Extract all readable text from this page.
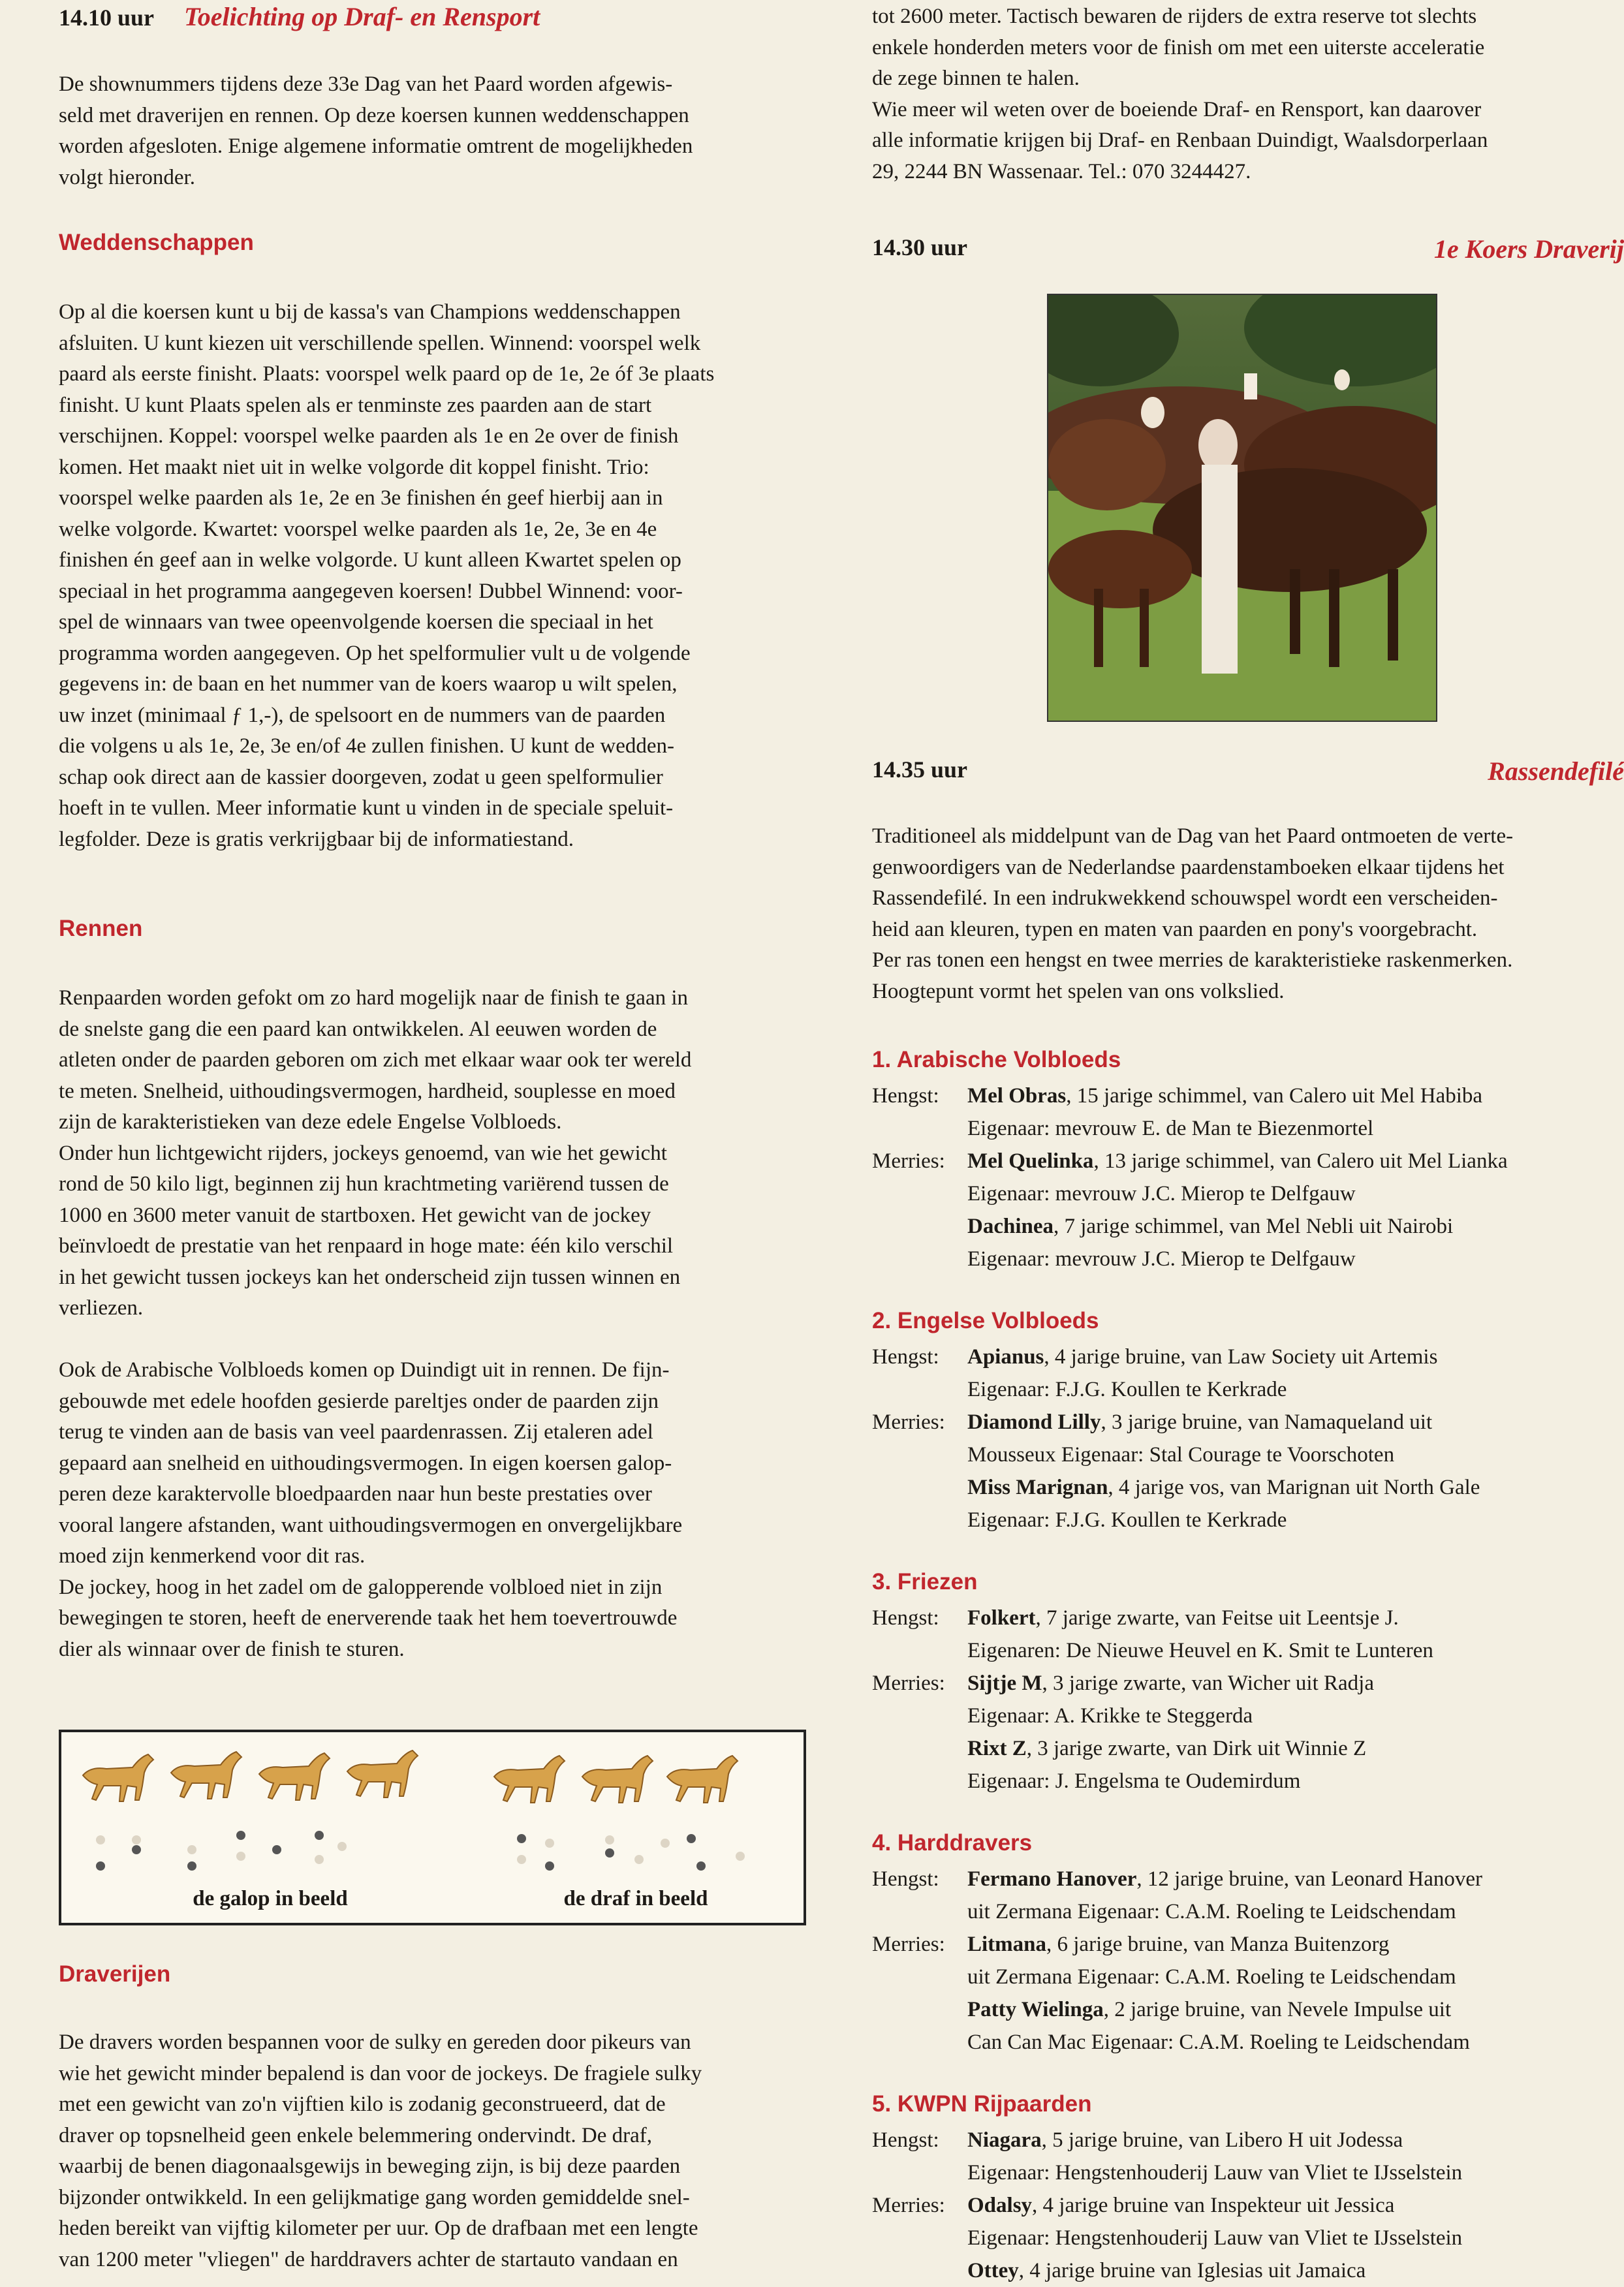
14.10 uur Toelichting op Draf- en Rensport

De shownummers tijdens deze 33e Dag van het Paard worden afgewis-

seld met draverijen en rennen. Op deze koersen kunnen weddenschappen

worden afgesloten. Enige algemene informatie omtrent de mogelijkheden

volgt hieronder.

Weddenschappen

Op al die koersen kunt u bij de kassa's van Champions weddenschappen

afsluiten. U kunt kiezen uit verschillende spellen. Winnend: voorspel welk

paard als eerste finisht. Plaats: voorspel welk paard op de 1e, 2e óf 3e plaats

finisht. U kunt Plaats spelen als er tenminste zes paarden aan de start

verschijnen. Koppel: voorspel welke paarden als 1e en 2e over de finish

komen. Het maakt niet uit in welke volgorde dit koppel finisht. Trio:

voorspel welke paarden als 1e, 2e en 3e finishen én geef hierbij aan in

welke volgorde. Kwartet: voorspel welke paarden als 1e, 2e, 3e en 4e

finishen én geef aan in welke volgorde. U kunt alleen Kwartet spelen op

speciaal in het programma aangegeven koersen! Dubbel Winnend: voor-

spel de winnaars van twee opeenvolgende koersen die speciaal in het

programma worden aangegeven. Op het spelformulier vult u de volgende

gegevens in: de baan en het nummer van de koers waarop u wilt spelen,

uw inzet (minimaal ƒ 1,-), de spelsoort en de nummers van de paarden

die volgens u als 1e, 2e, 3e en/of 4e zullen finishen. U kunt de wedden-

schap ook direct aan de kassier doorgeven, zodat u geen spelformulier

hoeft in te vullen. Meer informatie kunt u vinden in de speciale speluit-

legfolder. Deze is gratis verkrijgbaar bij de informatiestand.

Rennen

Renpaarden worden gefokt om zo hard mogelijk naar de finish te gaan in

de snelste gang die een paard kan ontwikkelen. Al eeuwen worden de

atleten onder de paarden geboren om zich met elkaar waar ook ter wereld

te meten. Snelheid, uithoudingsvermogen, hardheid, souplesse en moed

zijn de karakteristieken van deze edele Engelse Volbloeds.

Onder hun lichtgewicht rijders, jockeys genoemd, van wie het gewicht

rond de 50 kilo ligt, beginnen zij hun krachtmeting variërend tussen de

1000 en 3600 meter vanuit de startboxen. Het gewicht van de jockey

beïnvloedt de prestatie van het renpaard in hoge mate: één kilo verschil

in het gewicht tussen jockeys kan het onderscheid zijn tussen winnen en

verliezen.

Ook de Arabische Volbloeds komen op Duindigt uit in rennen. De fijn-

gebouwde met edele hoofden gesierde pareltjes onder de paarden zijn

terug te vinden aan de basis van veel paardenrassen. Zij etaleren adel

gepaard aan snelheid en uithoudingsvermogen. In eigen koersen galop-

peren deze karaktervolle bloedpaarden naar hun beste prestaties over

vooral langere afstanden, want uithoudingsvermogen en onvergelijkbare

moed zijn kenmerkend voor dit ras.

De jockey, hoog in het zadel om de galopperende volbloed niet in zijn

bewegingen te storen, heeft de enerverende taak het hem toevertrouwde

dier als winnaar over de finish te sturen.

de galop in beeld	de draf in beeld
Draverijen

De dravers worden bespannen voor de sulky en gereden door pikeurs van

wie het gewicht minder bepalend is dan voor de jockeys. De fragiele sulky

met een gewicht van zo'n vijftien kilo is zodanig geconstrueerd, dat de

draver op topsnelheid geen enkele belemmering ondervindt. De draf,

waarbij de benen diagonaalsgewijs in beweging zijn, is bij deze paarden

bijzonder ontwikkeld. In een gelijkmatige gang worden gemiddelde snel-

heden bereikt van vijftig kilometer per uur. Op de drafbaan met een lengte

van 1200 meter "vliegen" de harddravers achter de startauto vandaan en

tot 2600 meter. Tactisch bewaren de rijders de extra reserve tot slechts

enkele honderden meters voor de finish om met een uiterste acceleratie

de zege binnen te halen.

Wie meer wil weten over de boeiende Draf- en Rensport, kan daarover

alle informatie krijgen bij Draf- en Renbaan Duindigt, Waalsdorperlaan

29, 2244 BN Wassenaar. Tel.: 070 3244427.

14.30 uur	1e Koers Draverij
14.35 uur	Rassendefilé

Traditioneel als middelpunt van de Dag van het Paard ontmoeten de verte-

genwoordigers van de Nederlandse paardenstamboeken elkaar tijdens het

Rassendefilé. In een indrukwekkend schouwspel wordt een verscheiden-

heid aan kleuren, typen en maten van paarden en pony's voorgebracht.

Per ras tonen een hengst en twee merries de karakteristieke raskenmerken.

Hoogtepunt vormt het spelen van ons volkslied.

1. Arabische Volbloeds
Hengst: Mel Obras, 15 jarige schimmel, van Calero uit Mel Habiba
Eigenaar: mevrouw E. de Man te Biezenmortel
Merries: Mel Quelinka, 13 jarige schimmel, van Calero uit Mel Lianka
Eigenaar: mevrouw J.C. Mierop te Delfgauw
Dachinea, 7 jarige schimmel, van Mel Nebli uit Nairobi
Eigenaar: mevrouw J.C. Mierop te Delfgauw
2. Engelse Volbloeds
Hengst: Apianus, 4 jarige bruine, van Law Society uit Artemis
Eigenaar: F.J.G. Koullen te Kerkrade
Merries: Diamond Lilly, 3 jarige bruine, van Namaqueland uit
Mousseux Eigenaar: Stal Courage te Voorschoten
Miss Marignan, 4 jarige vos, van Marignan uit North Gale
Eigenaar: F.J.G. Koullen te Kerkrade
3. Friezen
Hengst: Folkert, 7 jarige zwarte, van Feitse uit Leentsje J.
Eigenaren: De Nieuwe Heuvel en K. Smit te Lunteren
Merries: Sijtje M, 3 jarige zwarte, van Wicher uit Radja
Eigenaar: A. Krikke te Steggerda
Rixt Z, 3 jarige zwarte, van Dirk uit Winnie Z
Eigenaar: J. Engelsma te Oudemirdum
4. Harddravers
Hengst: Fermano Hanover, 12 jarige bruine, van Leonard Hanover
uit Zermana Eigenaar: C.A.M. Roeling te Leidschendam
Merries: Litmana, 6 jarige bruine, van Manza Buitenzorg
uit Zermana Eigenaar: C.A.M. Roeling te Leidschendam
Patty Wielinga, 2 jarige bruine, van Nevele Impulse uit
Can Can Mac Eigenaar: C.A.M. Roeling te Leidschendam
5. KWPN Rijpaarden
Hengst: Niagara, 5 jarige bruine, van Libero H uit Jodessa
Eigenaar: Hengstenhouderij Lauw van Vliet te IJsselstein
Merries: Odalsy, 4 jarige bruine van Inspekteur uit Jessica
Eigenaar: Hengstenhouderij Lauw van Vliet te IJsselstein
Ottey, 4 jarige bruine van Iglesias uit Jamaica
